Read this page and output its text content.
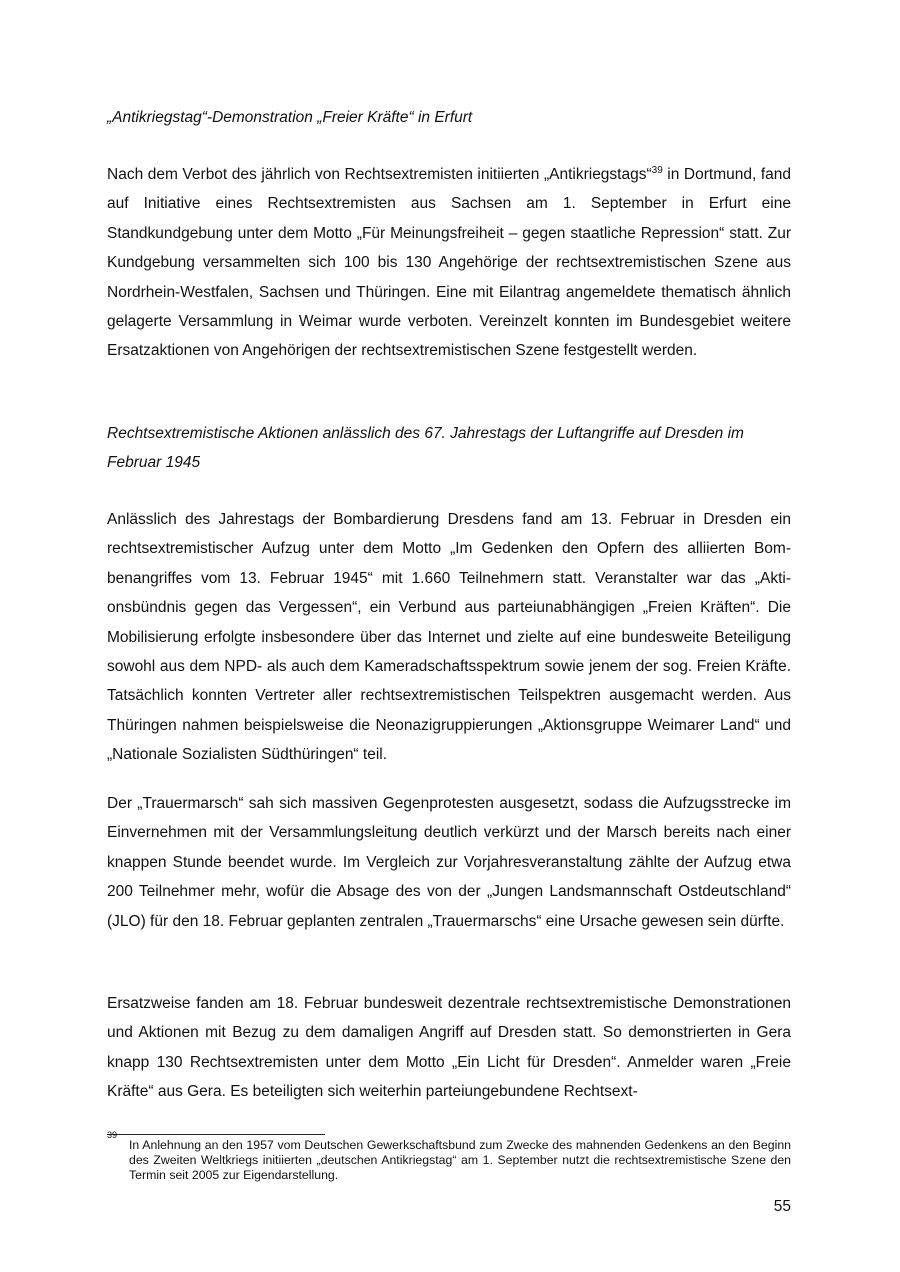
„Antikriegstag“-Demonstration „Freier Kräfte“ in Erfurt

Nach dem Verbot des jährlich von Rechtsextremisten initiierten „Antikriegstags“$^{39}$ in Dortmund, fand auf Initiative eines Rechtsextremisten aus Sachsen am 1. September in Erfurt eine Standkundgebung unter dem Motto „Für Meinungsfreiheit – gegen staatliche Repression“ statt. Zur Kundgebung versammelten sich 100 bis 130 Angehörige der rechtsextremistischen Szene aus Nordrhein-Westfalen, Sachsen und Thüringen. Eine mit Eilantrag angemeldete thematisch ähnlich gelagerte Versammlung in Weimar wurde verboten. Vereinzelt konnten im Bundesgebiet weitere Ersatzaktionen von Angehörigen der rechtsextremistischen Szene festgestellt werden.

Rechtsextremistische Aktionen anlässlich des 67. Jahrestags der Luftangriffe auf Dresden im Februar 1945

Anlässlich des Jahrestags der Bombardierung Dresdens fand am 13. Februar in Dresden ein rechtsextremistischer Aufzug unter dem Motto „Im Gedenken den Opfern des alliierten Bombenangriffes vom 13. Februar 1945“ mit 1.660 Teilnehmern statt. Veranstalter war das „Aktionsbündnis gegen das Vergessen“, ein Verbund aus parteiunabhängigen „Freien Kräften“. Die Mobilisierung erfolgte insbesondere über das Internet und zielte auf eine bundesweite Beteiligung sowohl aus dem NPD- als auch dem Kameradschaftsspektrum sowie jenem der sog. Freien Kräfte. Tatsächlich konnten Vertreter aller rechtsextremistischen Teilspektren ausgemacht werden. Aus Thüringen nahmen beispielsweise die Neonazigruppierungen „Aktionsgruppe Weimarer Land“ und „Nationale Sozialisten Südthüringen“ teil.

Der „Trauermarsch“ sah sich massiven Gegenprotesten ausgesetzt, sodass die Aufzugsstrecke im Einvernehmen mit der Versammlungsleitung deutlich verkürzt und der Marsch bereits nach einer knappen Stunde beendet wurde. Im Vergleich zur Vorjahresveranstaltung zählte der Aufzug etwa 200 Teilnehmer mehr, wofür die Absage des von der „Jungen Landsmannschaft Ostdeutschland“ (JLO) für den 18. Februar geplanten zentralen „Trauermarschs“ eine Ursache gewesen sein dürfte.

Ersatzweise fanden am 18. Februar bundesweit dezentrale rechtsextremistische Demonstrationen und Aktionen mit Bezug zu dem damaligen Angriff auf Dresden statt. So demonstrierten in Gera knapp 130 Rechtsextremisten unter dem Motto „Ein Licht für Dresden“. Anmelder waren „Freie Kräfte“ aus Gera. Es beteiligten sich weiterhin parteiungebundene Rechtsext-

39
In Anlehnung an den 1957 vom Deutschen Gewerkschaftsbund zum Zwecke des mahnenden Gedenkens an den Beginn des Zweiten Weltkriegs initiierten „deutschen Antikriegstag“ am 1. September nutzt die rechtsextremistische Szene den Termin seit 2005 zur Eigendarstellung.
55
